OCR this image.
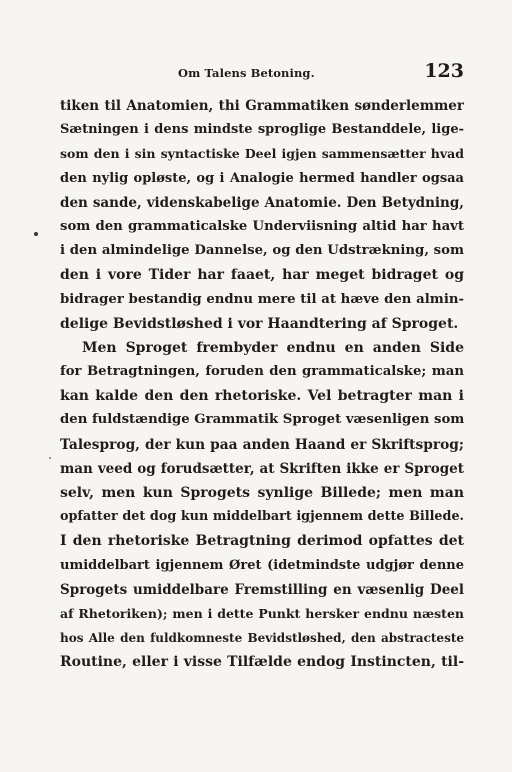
Om Talens Betoning.	123
tiken til Anatomien, thi Grammatiken sønderlemmer
Sætningen i dens mindste sproglige Bestanddele, lige-
som den i sin syntactiske Deel igjen sammensætter hvad
den nylig opløste, og i Analogie hermed handler ogsaa
den sande, videnskabelige Anatomie. Den Betydning,
som den grammaticalske Underviisning altid har havt
i den almindelige Dannelse, og den Udstrækning, som
den i vore Tider har faaet, har meget bidraget og
bidrager bestandig endnu mere til at hæve den almin-
delige Bevidstløshed i vor Haandtering af Sproget.
Men Sproget frembyder endnu en anden Side
for Betragtningen, foruden den grammaticalske; man
kan kalde den den rhetoriske. Vel betragter man i
den fuldstændige Grammatik Sproget væsenligen som
Talesprog, der kun paa anden Haand er Skriftsprog;
man veed og forudsætter, at Skriften ikke er Sproget
selv, men kun Sprogets synlige Billede; men man
opfatter det dog kun middelbart igjennem dette Billede.
I den rhetoriske Betragtning derimod opfattes det
umiddelbart igjennem Øret (idetmindste udgjør denne
Sprogets umiddelbare Fremstilling en væsenlig Deel
af Rhetoriken); men i dette Punkt hersker endnu næsten
hos Alle den fuldkomneste Bevidstløshed, den abstracteste
Routine, eller i visse Tilfælde endog Instincten, til-
